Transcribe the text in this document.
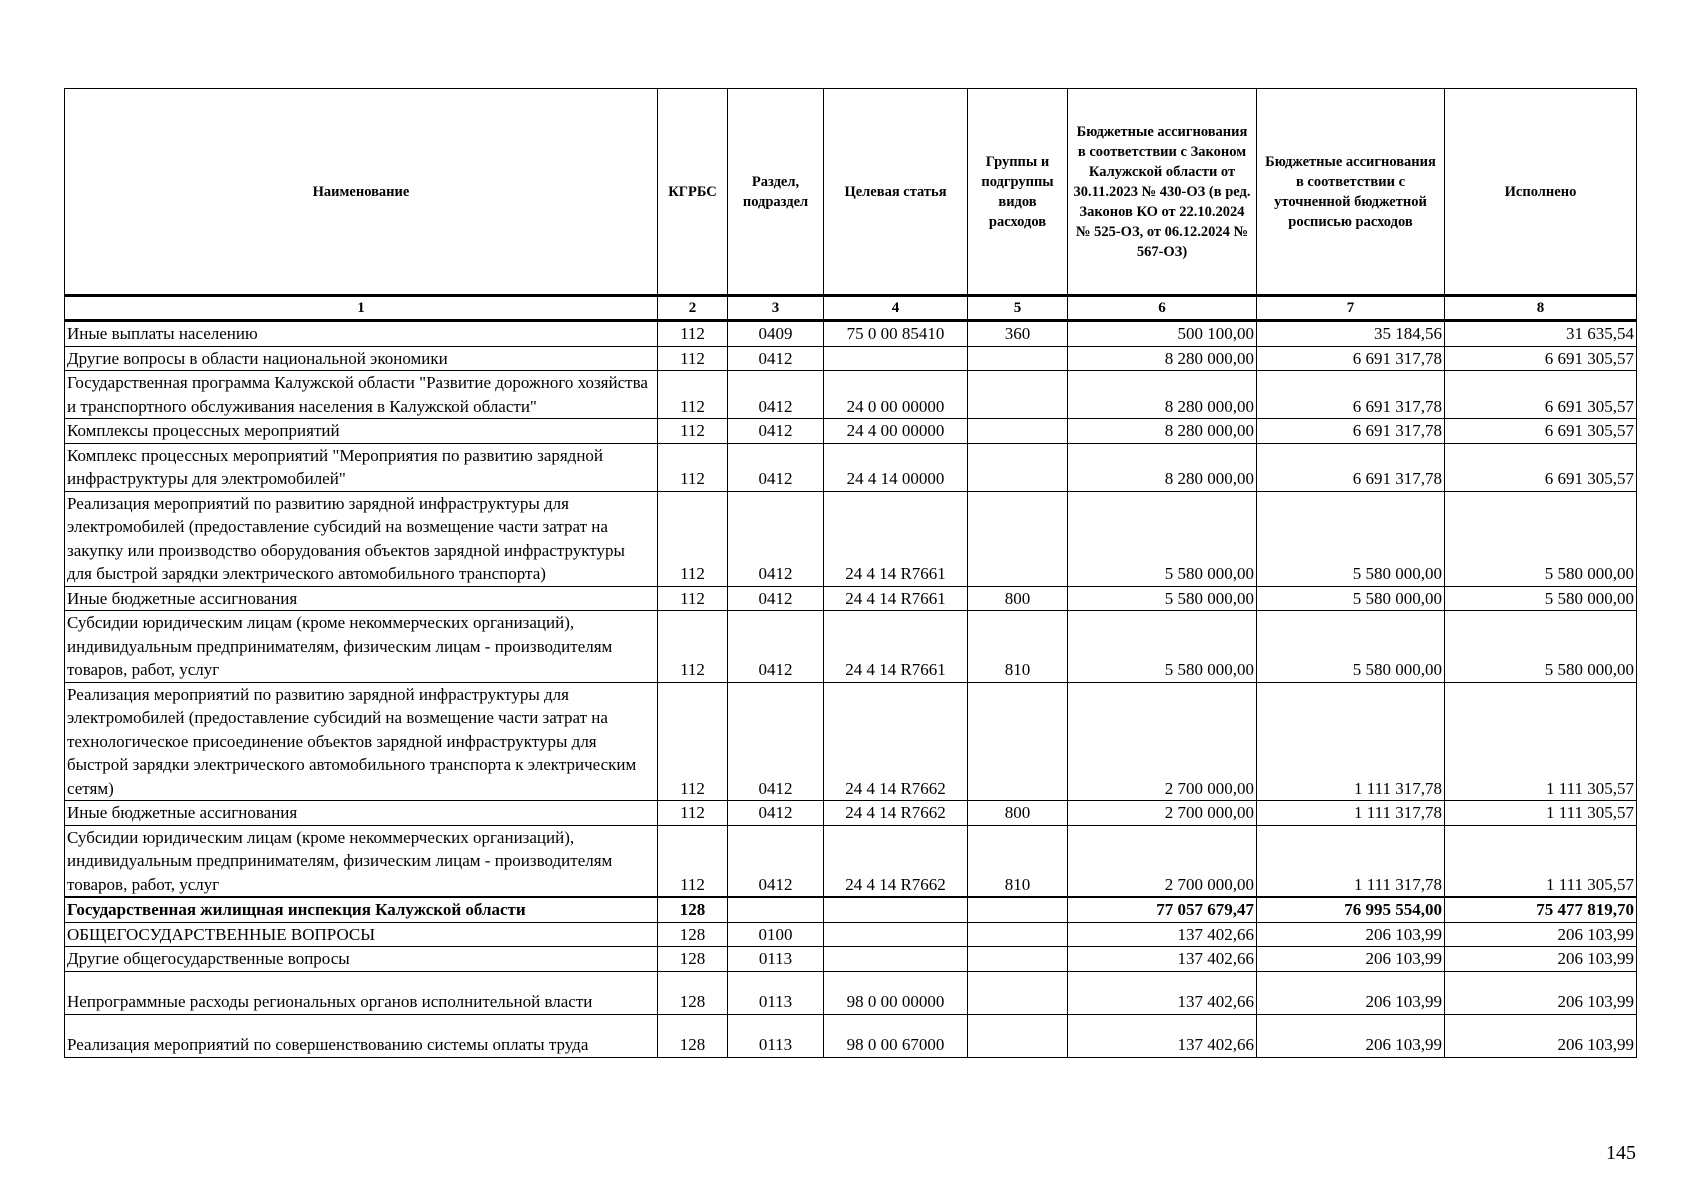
Наименование	КГРБС	Раздел, подраздел	Целевая статья	Группы и подгруппы видов расходов	Бюджетные ассигнования в соответствии с Законом Калужской области от 30.11.2023 № 430-ОЗ (в ред. Законов КО от 22.10.2024 № 525-ОЗ, от 06.12.2024 № 567-ОЗ)	Бюджетные ассигнования в соответствии с уточненной бюджетной росписью расходов	Исполнено
1	2	3	4	5	6	7	8
Иные выплаты населению	112	0409	75 0 00 85410	360	500 100,00	35 184,56	31 635,54
Другие вопросы в области национальной экономики	112	0412			8 280 000,00	6 691 317,78	6 691 305,57
Государственная программа Калужской области "Развитие дорожного хозяйства и транспортного обслуживания населения в Калужской области"	112	0412	24 0 00 00000		8 280 000,00	6 691 317,78	6 691 305,57
Комплексы процессных мероприятий	112	0412	24 4 00 00000		8 280 000,00	6 691 317,78	6 691 305,57
Комплекс процессных мероприятий "Мероприятия по развитию зарядной инфраструктуры для электромобилей"	112	0412	24 4 14 00000		8 280 000,00	6 691 317,78	6 691 305,57
Реализация мероприятий по развитию зарядной инфраструктуры для электромобилей (предоставление субсидий на возмещение части затрат на закупку или производство оборудования объектов зарядной инфраструктуры для быстрой зарядки электрического автомобильного транспорта)	112	0412	24 4 14 R7661		5 580 000,00	5 580 000,00	5 580 000,00
Иные бюджетные ассигнования	112	0412	24 4 14 R7661	800	5 580 000,00	5 580 000,00	5 580 000,00
Субсидии юридическим лицам (кроме некоммерческих организаций), индивидуальным предпринимателям, физическим лицам - производителям товаров, работ, услуг	112	0412	24 4 14 R7661	810	5 580 000,00	5 580 000,00	5 580 000,00
Реализация мероприятий по развитию зарядной инфраструктуры для электромобилей (предоставление субсидий на возмещение части затрат на технологическое присоединение объектов зарядной инфраструктуры для быстрой зарядки электрического автомобильного транспорта к электрическим сетям)	112	0412	24 4 14 R7662		2 700 000,00	1 111 317,78	1 111 305,57
Иные бюджетные ассигнования	112	0412	24 4 14 R7662	800	2 700 000,00	1 111 317,78	1 111 305,57
Субсидии юридическим лицам (кроме некоммерческих организаций), индивидуальным предпринимателям, физическим лицам - производителям товаров, работ, услуг	112	0412	24 4 14 R7662	810	2 700 000,00	1 111 317,78	1 111 305,57
Государственная жилищная инспекция Калужской области	128				77 057 679,47	76 995 554,00	75 477 819,70
ОБЩЕГОСУДАРСТВЕННЫЕ ВОПРОСЫ	128	0100			137 402,66	206 103,99	206 103,99
Другие общегосударственные вопросы	128	0113			137 402,66	206 103,99	206 103,99
Непрограммные расходы региональных органов исполнительной власти	128	0113	98 0 00 00000		137 402,66	206 103,99	206 103,99
Реализация мероприятий по совершенствованию системы оплаты труда	128	0113	98 0 00 67000		137 402,66	206 103,99	206 103,99
145
